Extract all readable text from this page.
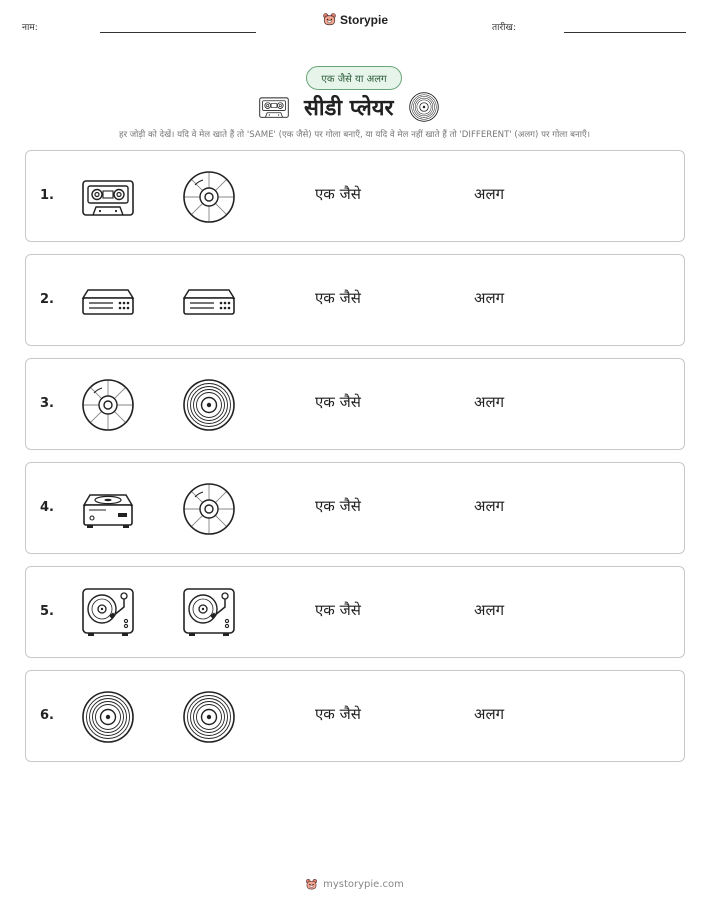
नाम:
Storypie
तारीख:
एक जैसे या अलग
सीडी प्लेयर
हर जोड़ी को देखें। यदि वे मेल खाते हैं तो 'SAME' (एक जैसे) पर गोला बनाएँ, या यदि वे मेल नहीं खाते हैं तो 'DIFFERENT' (अलग) पर गोला बनाएँ।
1.	एक जैसे	अलग
2.	एक जैसे	अलग
3.	एक जैसे	अलग
4.	एक जैसे	अलग
5.	एक जैसे	अलग
6.	एक जैसे	अलग
mystorypie.com
